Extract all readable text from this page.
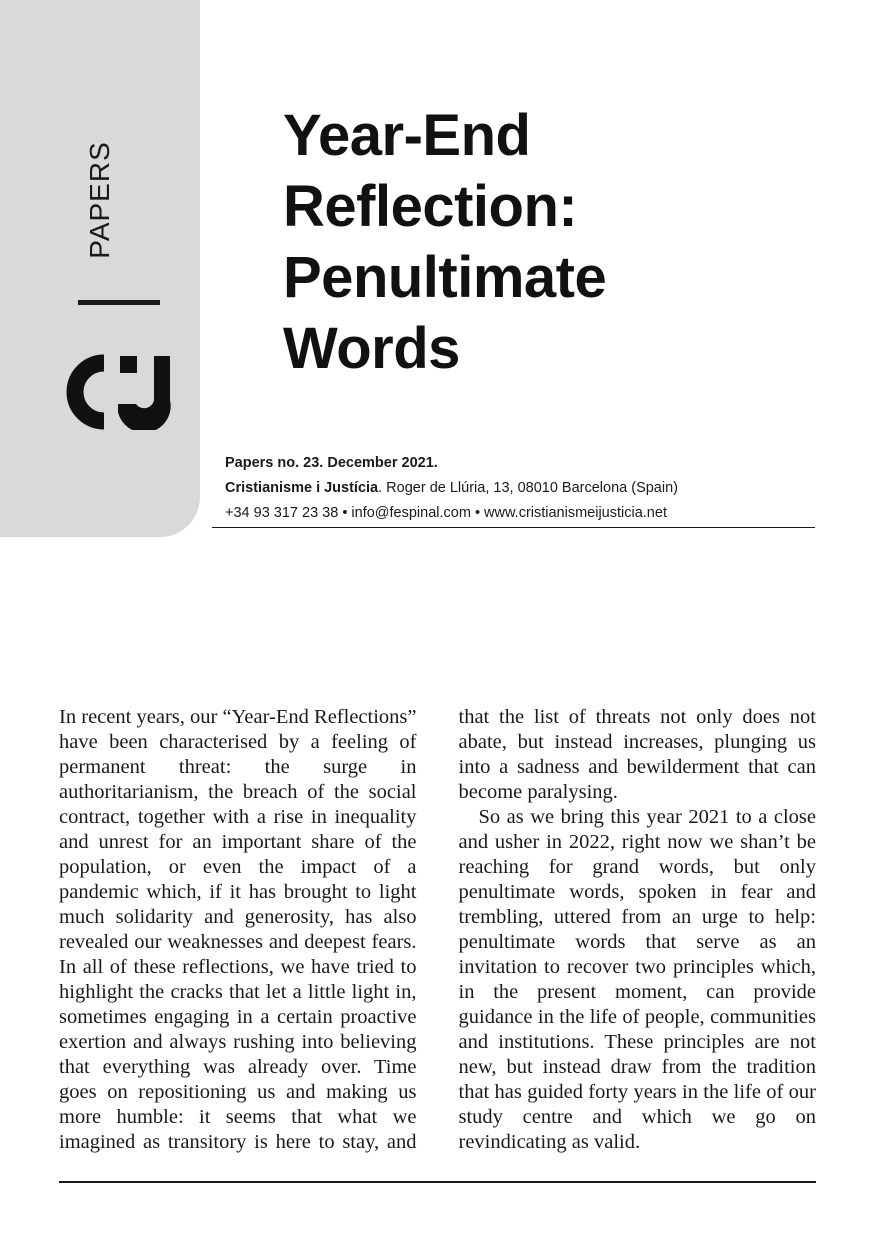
PAPERS
Year-End
Reflection:
Penultimate
Words
Papers no. 23. December 2021.
Cristianisme i Justícia. Roger de Llúria, 13, 08010 Barcelona (Spain)
+34 93 317 23 38 • info@fespinal.com • www.cristianismeijusticia.net

In recent years, our “Year-End Reflections” have been characterised by a feeling of permanent threat: the surge in authoritarianism, the breach of the social contract, together with a rise in inequality and unrest for an important share of the population, or even the impact of a pandemic which, if it has brought to light much solidarity and generosity, has also revealed our weaknesses and deepest fears. In all of these reflections, we have tried to highlight the cracks that let a little light in, sometimes engaging in a certain proactive exertion and always rushing into believing that everything was already over. Time goes on repositioning us and making us more humble: it seems that what we imagined as transitory is here to stay, and that the list of threats not only does not abate, but instead increases, plunging us into a sadness and bewilderment that can become paralysing.

So as we bring this year 2021 to a close and usher in 2022, right now we shan’t be reaching for grand words, but only penultimate words, spoken in fear and trembling, uttered from an urge to help: penultimate words that serve as an invitation to recover two principles which, in the present moment, can provide guidance in the life of people, communities and institutions. These principles are not new, but instead draw from the tradition that has guided forty years in the life of our study centre and which we go on revindicating as valid.
